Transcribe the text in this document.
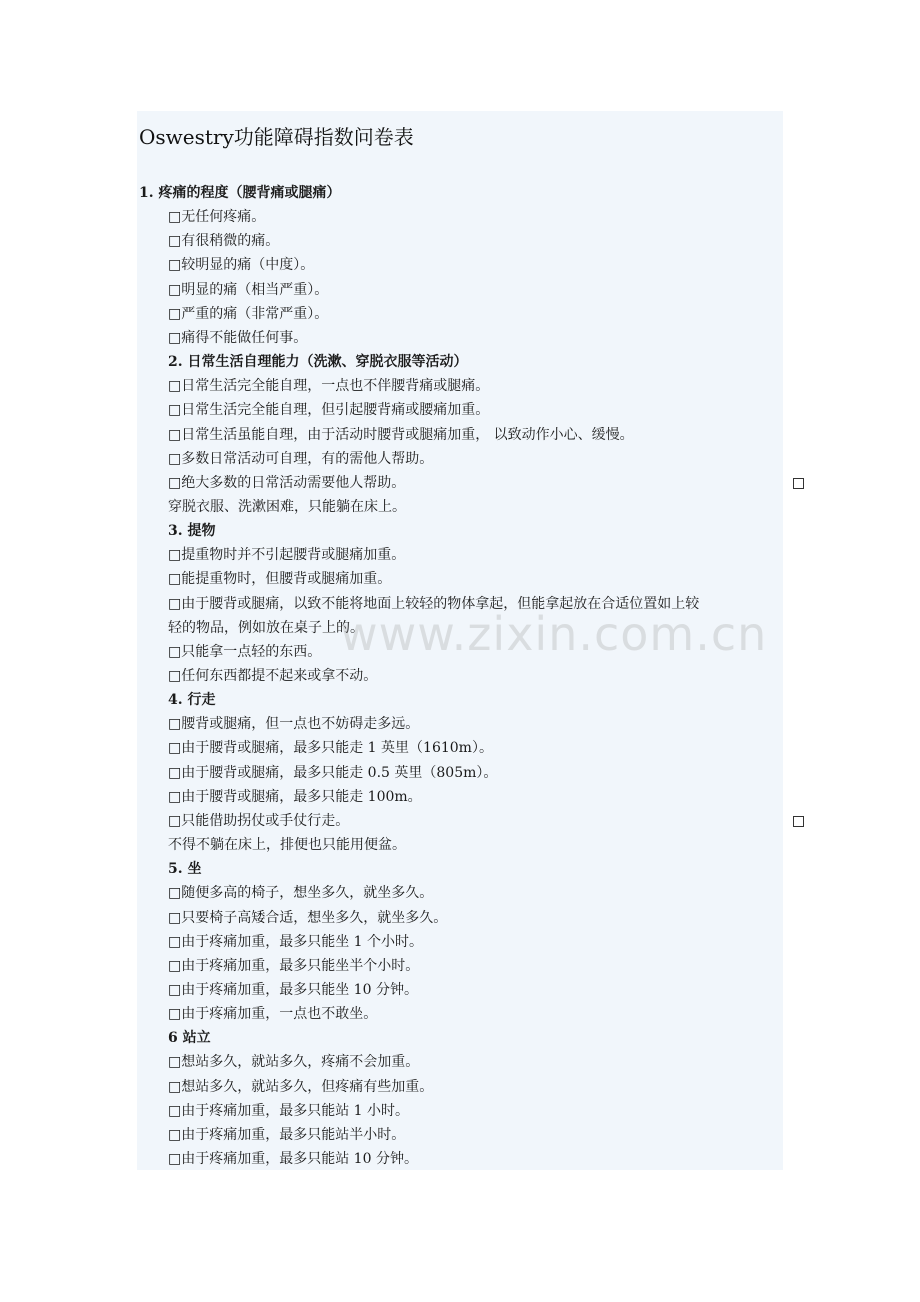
Oswestry功能障碍指数问卷表
1. 疼痛的程度（腰背痛或腿痛）
□无任何疼痛。
□有很稍微的痛。
□较明显的痛（中度）。
□明显的痛（相当严重）。
□严重的痛（非常严重）。
□痛得不能做任何事。
2. 日常生活自理能力（洗漱、穿脱衣服等活动）
□日常生活完全能自理，一点也不伴腰背痛或腿痛。
□日常生活完全能自理，但引起腰背痛或腰痛加重。
□日常生活虽能自理，由于活动时腰背或腿痛加重， 以致动作小心、缓慢。
□多数日常活动可自理，有的需他人帮助。
□绝大多数的日常活动需要他人帮助。
穿脱衣服、洗漱困难，只能躺在床上。
3. 提物
□提重物时并不引起腰背或腿痛加重。
□能提重物时，但腰背或腿痛加重。
□由于腰背或腿痛，以致不能将地面上较轻的物体拿起，但能拿起放在合适位置如上较
轻的物品，例如放在桌子上的。
□只能拿一点轻的东西。
□任何东西都提不起来或拿不动。
4. 行走
□腰背或腿痛，但一点也不妨碍走多远。
□由于腰背或腿痛，最多只能走 1 英里（1610m）。
□由于腰背或腿痛，最多只能走 0.5 英里（805m）。
□由于腰背或腿痛，最多只能走 100m。
□只能借助拐仗或手仗行走。
不得不躺在床上，排便也只能用便盆。
5. 坐
□随便多高的椅子，想坐多久，就坐多久。
□只要椅子高矮合适，想坐多久，就坐多久。
□由于疼痛加重，最多只能坐 1 个小时。
□由于疼痛加重，最多只能坐半个小时。
□由于疼痛加重，最多只能坐 10 分钟。
□由于疼痛加重，一点也不敢坐。
6 站立
□想站多久，就站多久，疼痛不会加重。
□想站多久，就站多久，但疼痛有些加重。
□由于疼痛加重，最多只能站 1 小时。
□由于疼痛加重，最多只能站半小时。
□由于疼痛加重，最多只能站 10 分钟。
www.zixin.com.cn
